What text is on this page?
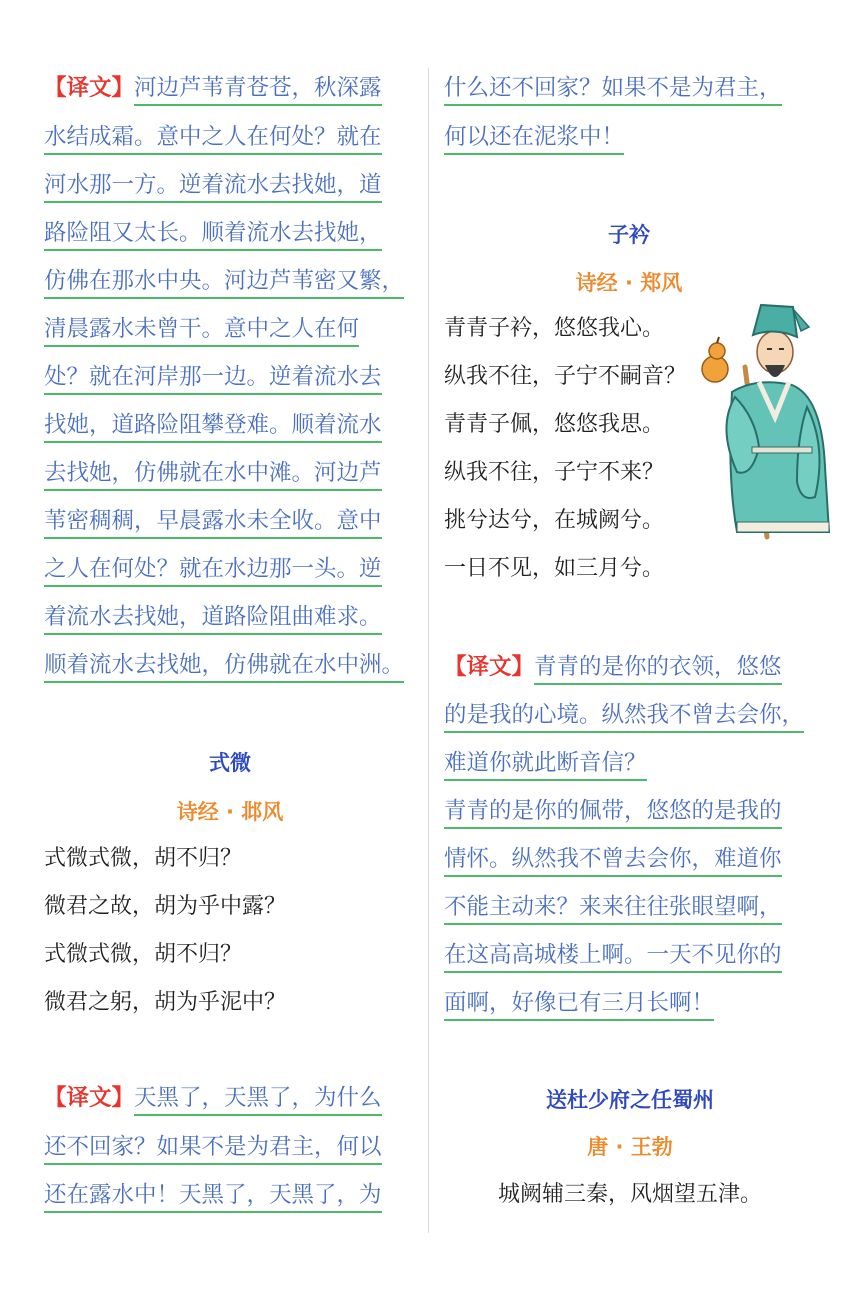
【译文】河边芦苇青苍苍，秋深露
水结成霜。意中之人在何处？就在
河水那一方。逆着流水去找她，道
路险阻又太长。顺着流水去找她，
仿佛在那水中央。河边芦苇密又繁，
清晨露水未曾干。意中之人在何
处？就在河岸那一边。逆着流水去
找她，道路险阻攀登难。顺着流水
去找她，仿佛就在水中滩。河边芦
苇密稠稠，早晨露水未全收。意中
之人在何处？就在水边那一头。逆
着流水去找她，道路险阻曲难求。
顺着流水去找她，仿佛就在水中洲。
式微
诗经 · 邶风
式微式微，胡不归？
微君之故，胡为乎中露？
式微式微，胡不归？
微君之躬，胡为乎泥中？
【译文】天黑了，天黑了，为什么
还不回家？如果不是为君主，何以
还在露水中！天黑了，天黑了，为
什么还不回家？如果不是为君主，
何以还在泥浆中！
子衿
诗经 · 郑风
青青子衿，悠悠我心。
纵我不往，子宁不嗣音？
青青子佩，悠悠我思。
纵我不往，子宁不来？
挑兮达兮，在城阙兮。
一日不见，如三月兮。
【译文】青青的是你的衣领，悠悠
的是我的心境。纵然我不曾去会你，
难道你就此断音信？
青青的是你的佩带，悠悠的是我的
情怀。纵然我不曾去会你，难道你
不能主动来？来来往往张眼望啊，
在这高高城楼上啊。一天不见你的
面啊，好像已有三月长啊！
送杜少府之任蜀州
唐 · 王勃
城阙辅三秦，风烟望五津。
